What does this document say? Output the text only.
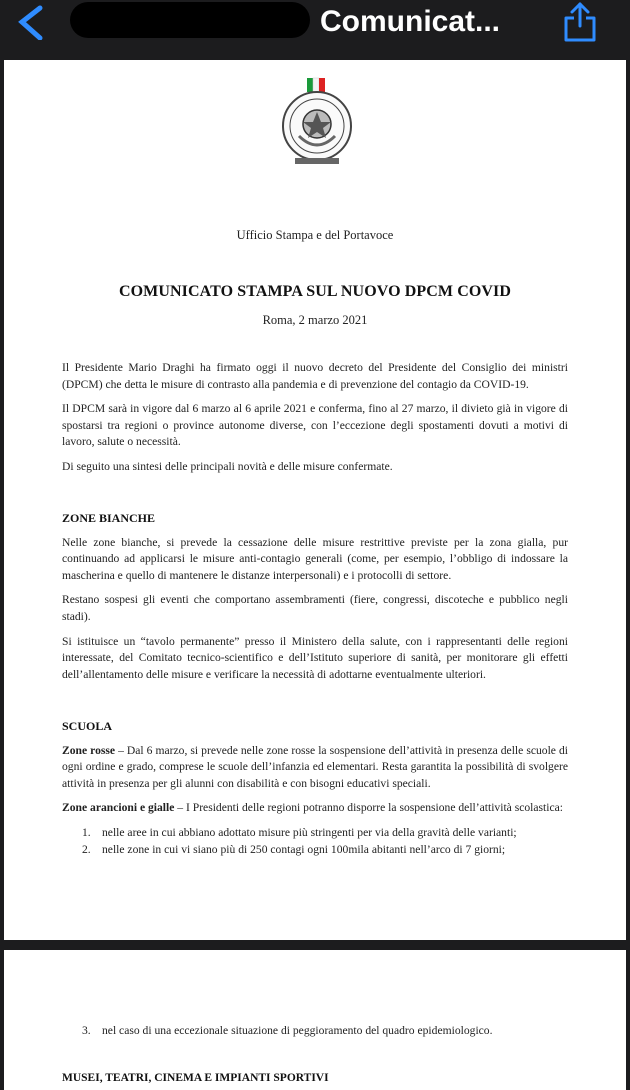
Comunicat...
Ufficio Stampa e del Portavoce
COMUNICATO STAMPA SUL NUOVO DPCM COVID
Roma, 2 marzo 2021

Il Presidente Mario Draghi ha firmato oggi il nuovo decreto del Presidente del Consiglio dei ministri (DPCM) che detta le misure di contrasto alla pandemia e di prevenzione del contagio da COVID-19.

Il DPCM sarà in vigore dal 6 marzo al 6 aprile 2021 e conferma, fino al 27 marzo, il divieto già in vigore di spostarsi tra regioni o province autonome diverse, con l’eccezione degli spostamenti dovuti a motivi di lavoro, salute o necessità.

Di seguito una sintesi delle principali novità e delle misure confermate.

ZONE BIANCHE

Nelle zone bianche, si prevede la cessazione delle misure restrittive previste per la zona gialla, pur continuando ad applicarsi le misure anti-contagio generali (come, per esempio, l’obbligo di indossare la mascherina e quello di mantenere le distanze interpersonali) e i protocolli di settore.

Restano sospesi gli eventi che comportano assembramenti (fiere, congressi, discoteche e pubblico negli stadi).

Si istituisce un “tavolo permanente” presso il Ministero della salute, con i rappresentanti delle regioni interessate, del Comitato tecnico-scientifico e dell’Istituto superiore di sanità, per monitorare gli effetti dell’allentamento delle misure e verificare la necessità di adottarne eventualmente ulteriori.

SCUOLA

Zone rosse – Dal 6 marzo, si prevede nelle zone rosse la sospensione dell’attività in presenza delle scuole di ogni ordine e grado, comprese le scuole dell’infanzia ed elementari. Resta garantita la possibilità di svolgere attività in presenza per gli alunni con disabilità e con bisogni educativi speciali.

Zone arancioni e gialle – I Presidenti delle regioni potranno disporre la sospensione dell’attività scolastica:

1. nelle aree in cui abbiano adottato misure più stringenti per via della gravità delle varianti;
2. nelle zone in cui vi siano più di 250 contagi ogni 100mila abitanti nell’arco di 7 giorni;
3. nel caso di una eccezionale situazione di peggioramento del quadro epidemiologico.
MUSEI, TEATRI, CINEMA E IMPIANTI SPORTIVI
